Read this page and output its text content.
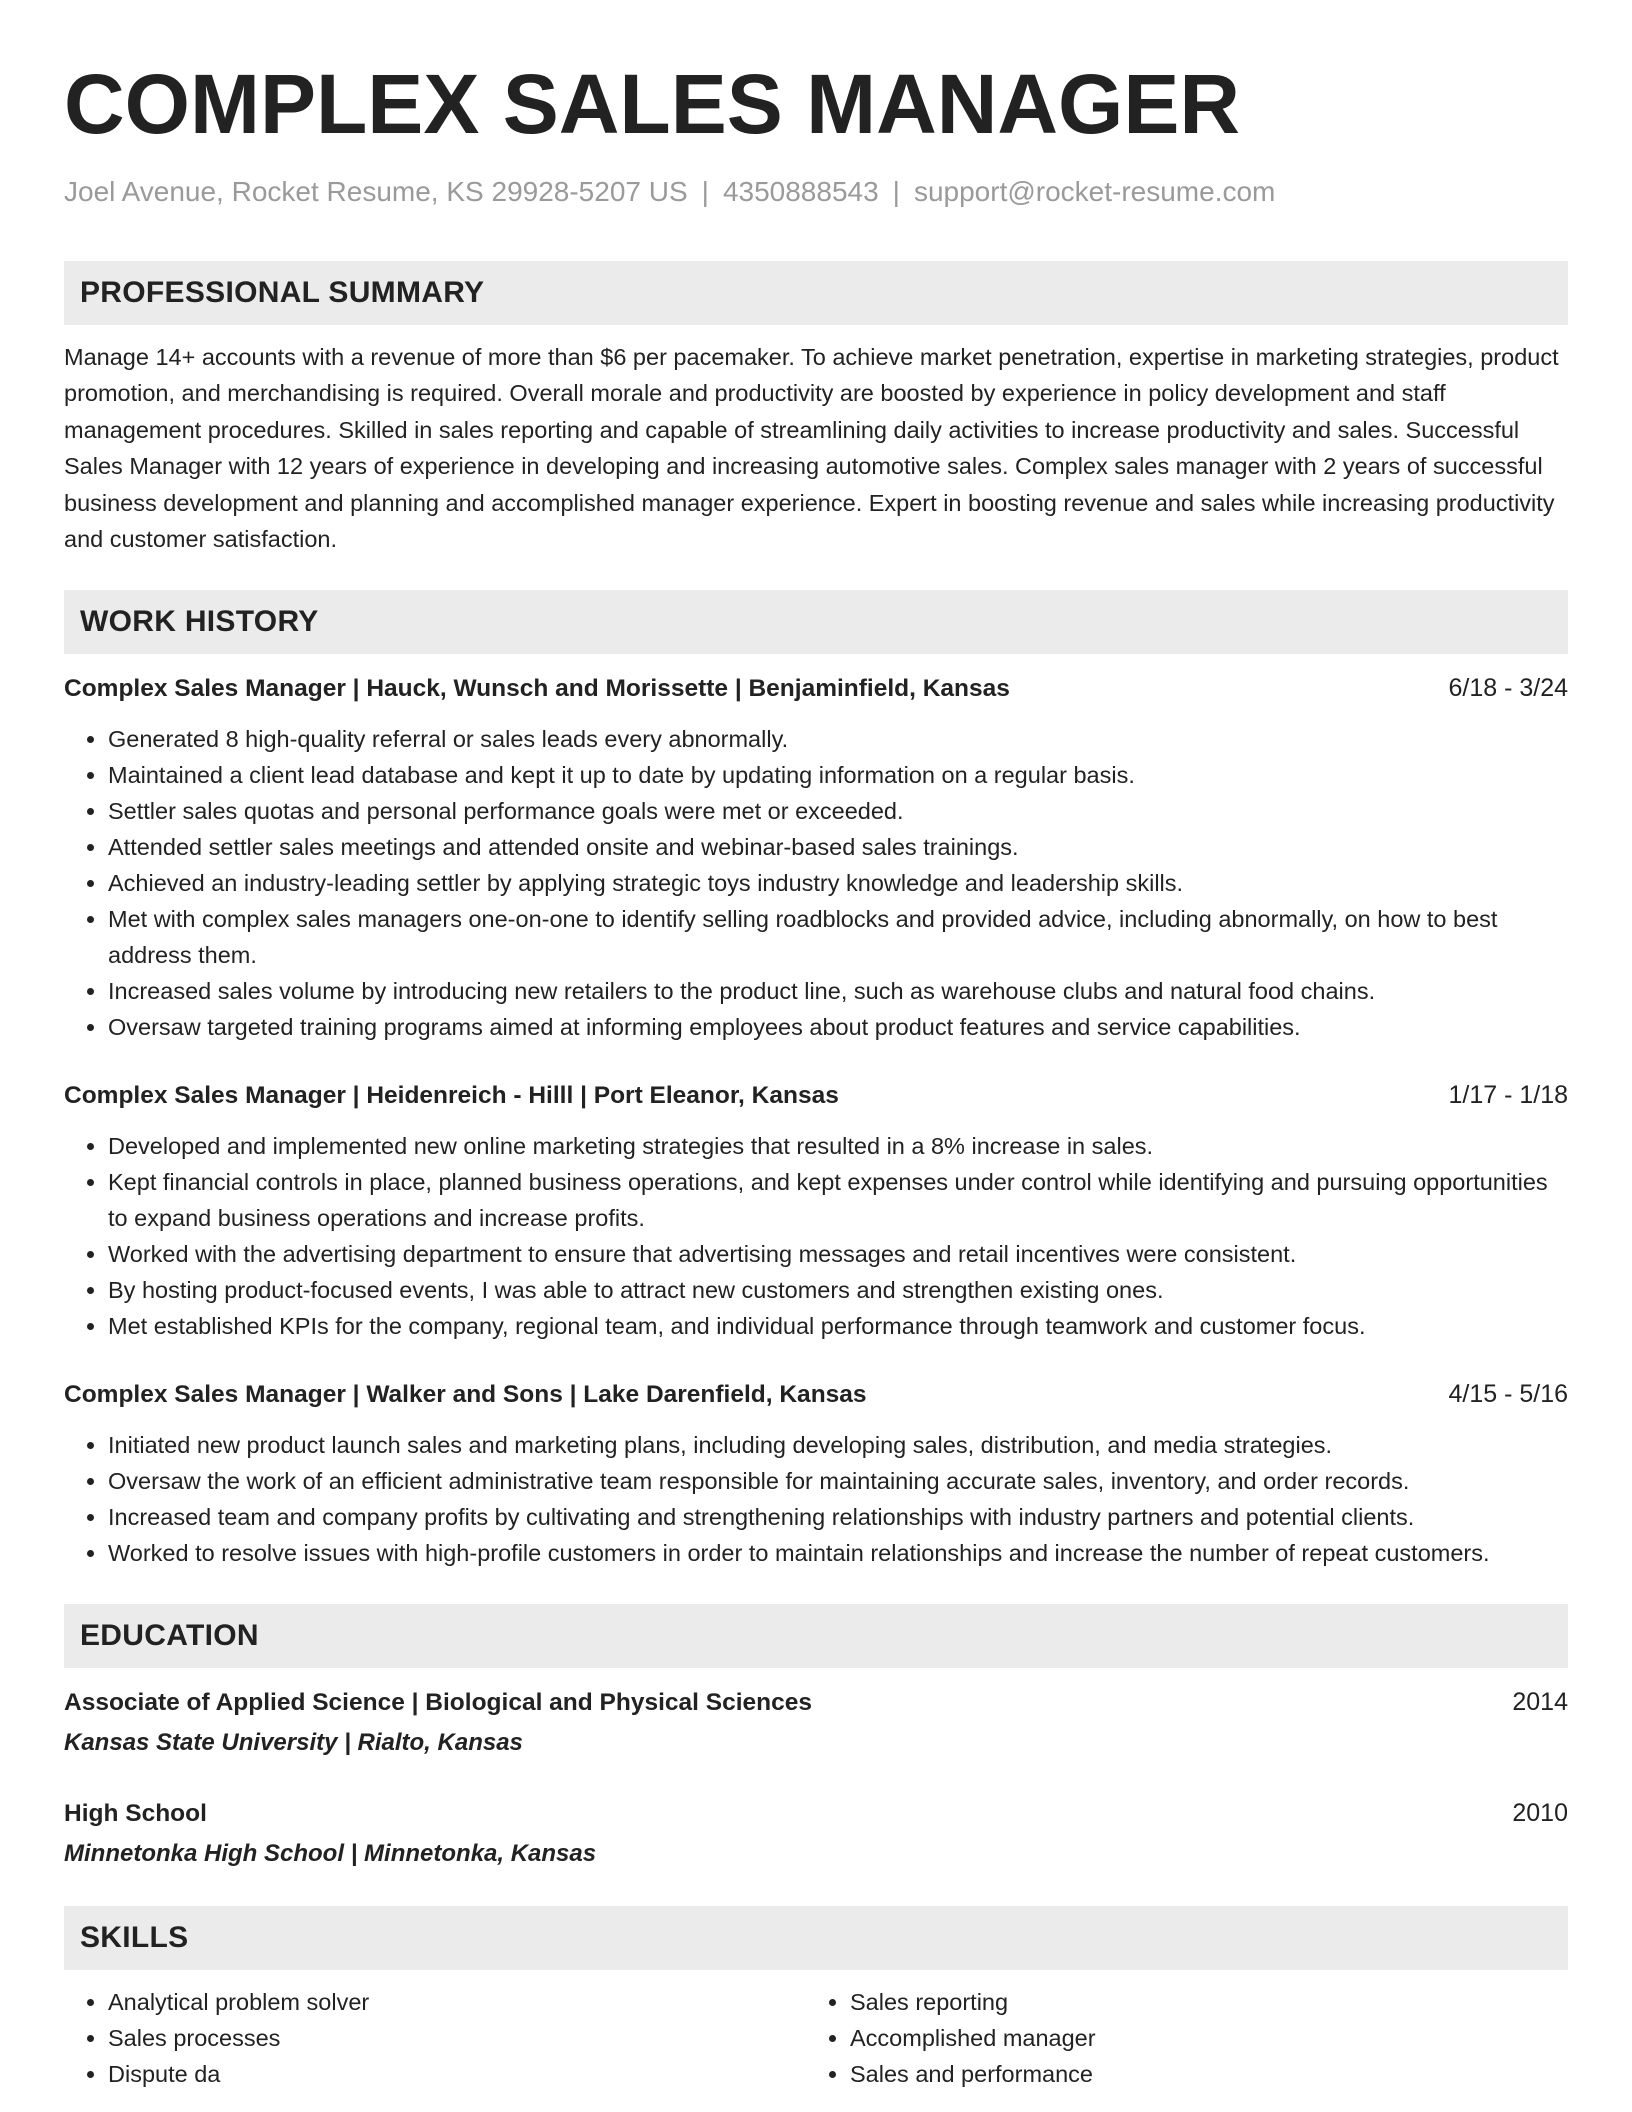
COMPLEX SALES MANAGER
Joel Avenue, Rocket Resume, KS 29928-5207 US | 4350888543 | support@rocket-resume.com
PROFESSIONAL SUMMARY
Manage 14+ accounts with a revenue of more than $6 per pacemaker. To achieve market penetration, expertise in marketing strategies, product promotion, and merchandising is required. Overall morale and productivity are boosted by experience in policy development and staff management procedures. Skilled in sales reporting and capable of streamlining daily activities to increase productivity and sales. Successful Sales Manager with 12 years of experience in developing and increasing automotive sales. Complex sales manager with 2 years of successful business development and planning and accomplished manager experience. Expert in boosting revenue and sales while increasing productivity and customer satisfaction.
WORK HISTORY
Complex Sales Manager | Hauck, Wunsch and Morissette | Benjaminfield, Kansas	6/18 - 3/24
• Generated 8 high-quality referral or sales leads every abnormally.
• Maintained a client lead database and kept it up to date by updating information on a regular basis.
• Settler sales quotas and personal performance goals were met or exceeded.
• Attended settler sales meetings and attended onsite and webinar-based sales trainings.
• Achieved an industry-leading settler by applying strategic toys industry knowledge and leadership skills.
• Met with complex sales managers one-on-one to identify selling roadblocks and provided advice, including abnormally, on how to best address them.
• Increased sales volume by introducing new retailers to the product line, such as warehouse clubs and natural food chains.
• Oversaw targeted training programs aimed at informing employees about product features and service capabilities.
Complex Sales Manager | Heidenreich - Hilll | Port Eleanor, Kansas	1/17 - 1/18
• Developed and implemented new online marketing strategies that resulted in a 8% increase in sales.
• Kept financial controls in place, planned business operations, and kept expenses under control while identifying and pursuing opportunities to expand business operations and increase profits.
• Worked with the advertising department to ensure that advertising messages and retail incentives were consistent.
• By hosting product-focused events, I was able to attract new customers and strengthen existing ones.
• Met established KPIs for the company, regional team, and individual performance through teamwork and customer focus.
Complex Sales Manager | Walker and Sons | Lake Darenfield, Kansas	4/15 - 5/16
• Initiated new product launch sales and marketing plans, including developing sales, distribution, and media strategies.
• Oversaw the work of an efficient administrative team responsible for maintaining accurate sales, inventory, and order records.
• Increased team and company profits by cultivating and strengthening relationships with industry partners and potential clients.
• Worked to resolve issues with high-profile customers in order to maintain relationships and increase the number of repeat customers.
EDUCATION
Associate of Applied Science | Biological and Physical Sciences	2014
Kansas State University | Rialto, Kansas
High School	2010
Minnetonka High School | Minnetonka, Kansas
SKILLS
• Analytical problem solver
• Sales processes
• Dispute da
• Sales reporting
• Accomplished manager
• Sales and performance
